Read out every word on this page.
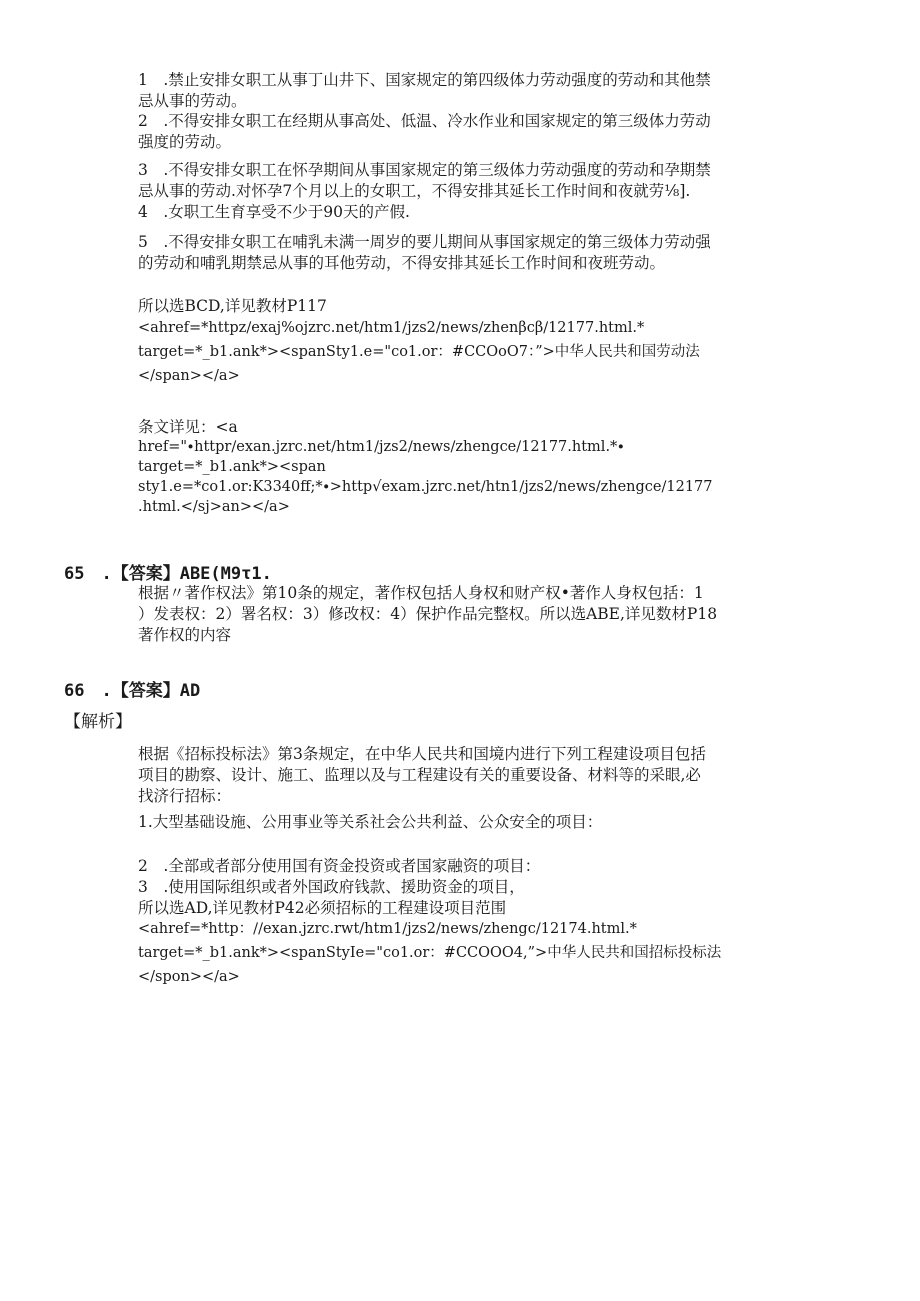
1　.禁止安排女职工从事丁山井下、国家规定的第四级体力劳动强度的劳动和其他禁
忌从事的劳动。
2　.不得安排女职工在经期从事高处、低温、冷水作业和国家规定的第三级体力劳动
强度的劳动。
3　.不得安排女职工在怀孕期间从事国家规定的第三级体力劳动强度的劳动和孕期禁
忌从事的劳动.对怀孕7个月以上的女职工，不得安排其延长工作时间和夜就劳⅛].
4　.女职工生育享受不少于90天的产假.
5　.不得安排女职工在哺乳未满一周岁的要儿期间从事国家规定的第三级体力劳动强
的劳动和哺乳期禁忌从事的耳他劳动，不得安排其延长工作时间和夜班劳动。
所以选BCD,详见教材P117
<ahref=*httpz∕exaj%ojzrc.net∕htm1∕jzs2∕news∕zhenβcβ∕12177.html.*
target=*_b1.ank*><spanSty1.e="co1.or：#CCOoO7：”>中华人民共和国劳动法
</span></a>
条文详见：<a
href="∙httpr∕exan.jzrc.net∕htm1∕jzs2∕news∕zhengce∕12177.html.*∙
target=*_b1.ank*><span
sty1.e=*co1.or:K3340ff;*∙>http√exam.jzrc.net∕htn1∕jzs2∕news∕zhengce∕12177
.html.</sj>an></a>
65　.【答案】ABE(M9τ1.
根据〃著作权法》第10条的规定，著作权包括人身权和财产权•著作人身权包括：1
）发表权：2）署名权：3）修改权：4）保护作品完整权。所以选ABE,详见数材P18
著作权的内容
66　.【答案】AD
【解析】
根据《招标投标法》第3条规定，在中华人民共和国境内进行下列工程建设项目包括
项目的勘察、设计、施工、监理以及与工程建设有关的重要设备、材料等的采眼,必
找济行招标：
1.大型基础设施、公用事业等关系社会公共利益、公众安全的项目：
2　.全部或者部分使用国有资金投资或者国家融资的项目：
3　.使用国际组织或者外国政府钱款、援助资金的项目，
所以选AD,详见教材P42必须招标的工程建设项目范围
<ahref=*http：∕∕exan.jzrc.rwt∕htm1∕jzs2∕news∕zhengc∕12174.html.*
target=*_b1.ank*><spanStyIe="co1.or：#CCOOO4,”>中华人民共和国招标投标法
</spon></a>
